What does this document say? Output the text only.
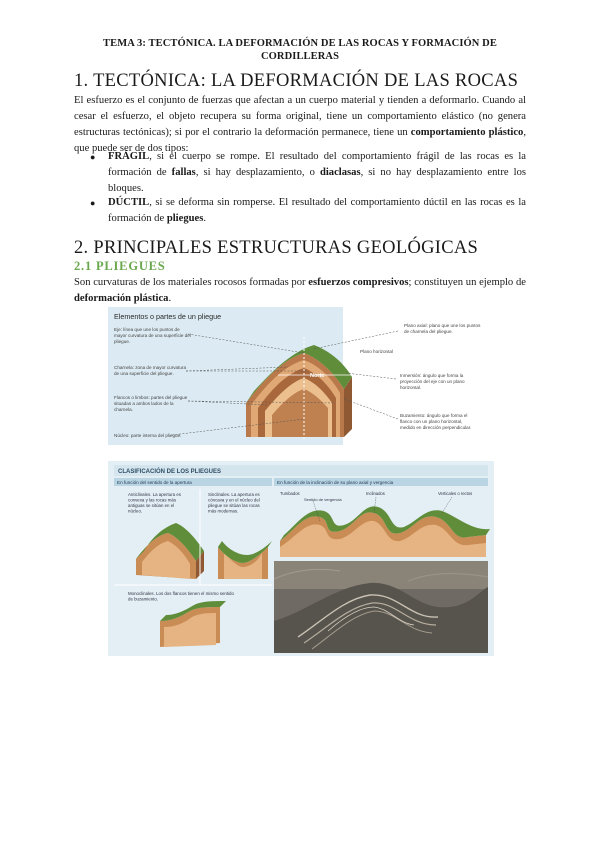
TEMA 3: TECTÓNICA. LA DEFORMACIÓN DE LAS ROCAS Y FORMACIÓN DE
CORDILLERAS
1. TECTÓNICA: LA DEFORMACIÓN DE LAS ROCAS

El esfuerzo es el conjunto de fuerzas que afectan a un cuerpo material y tienden a deformarlo. Cuando al cesar el esfuerzo, el objeto recupera su forma original, tiene un comportamiento elástico (no genera estructuras tectónicas); si por el contrario la deformación permanece, tiene un comportamiento plástico, que puede ser de dos tipos:

● FRÁGIL, si el cuerpo se rompe. El resultado del comportamiento frágil de las rocas es la formación de fallas, si hay desplazamiento, o diaclasas, si no hay desplazamiento entre los bloques.
● DÚCTIL, si se deforma sin romperse. El resultado del comportamiento dúctil en las rocas es la formación de pliegues.
2. PRINCIPALES ESTRUCTURAS GEOLÓGICAS
2.1 PLIEGUES

Son curvaturas de los materiales rocosos formadas por esfuerzos compresivos; constituyen un ejemplo de deformación plástica.

Elementos o partes de un pliegue
Norte
Eje: línea que une los puntos de mayor curvatura de una superficie del pliegue.
Charnela: zona de mayor curvatura de una superficie del pliegue.
Flancos o limbos: partes del pliegue situadas a ambos lados de la charnela.
Núcleo: parte interna del pliegue.
Plano axial: plano que une los puntos de charnela del pliegue.
Plano horizontal
Inmersión: ángulo que forma la proyección del eje con un plano horizontal.
Buzamiento: ángulo que forma el flanco con un plano horizontal, medido en dirección perpendicular.
CLASIFICACIÓN DE LOS PLIEGUES
En función del sentido de la apertura	En función de la inclinación de su plano axial y vergencia
Anticlinales. La apertura es convexa y las rocas más antiguas se sitúan en el núcleo.
Sinclinales. La apertura es cóncava y en el núcleo del pliegue se sitúan las rocas más modernas.
Monoclinales. Los dos flancos tienen el mismo sentido de buzamiento.
Tumbados	Inclinados	Verticales o rectos
Sentido de vergencia
